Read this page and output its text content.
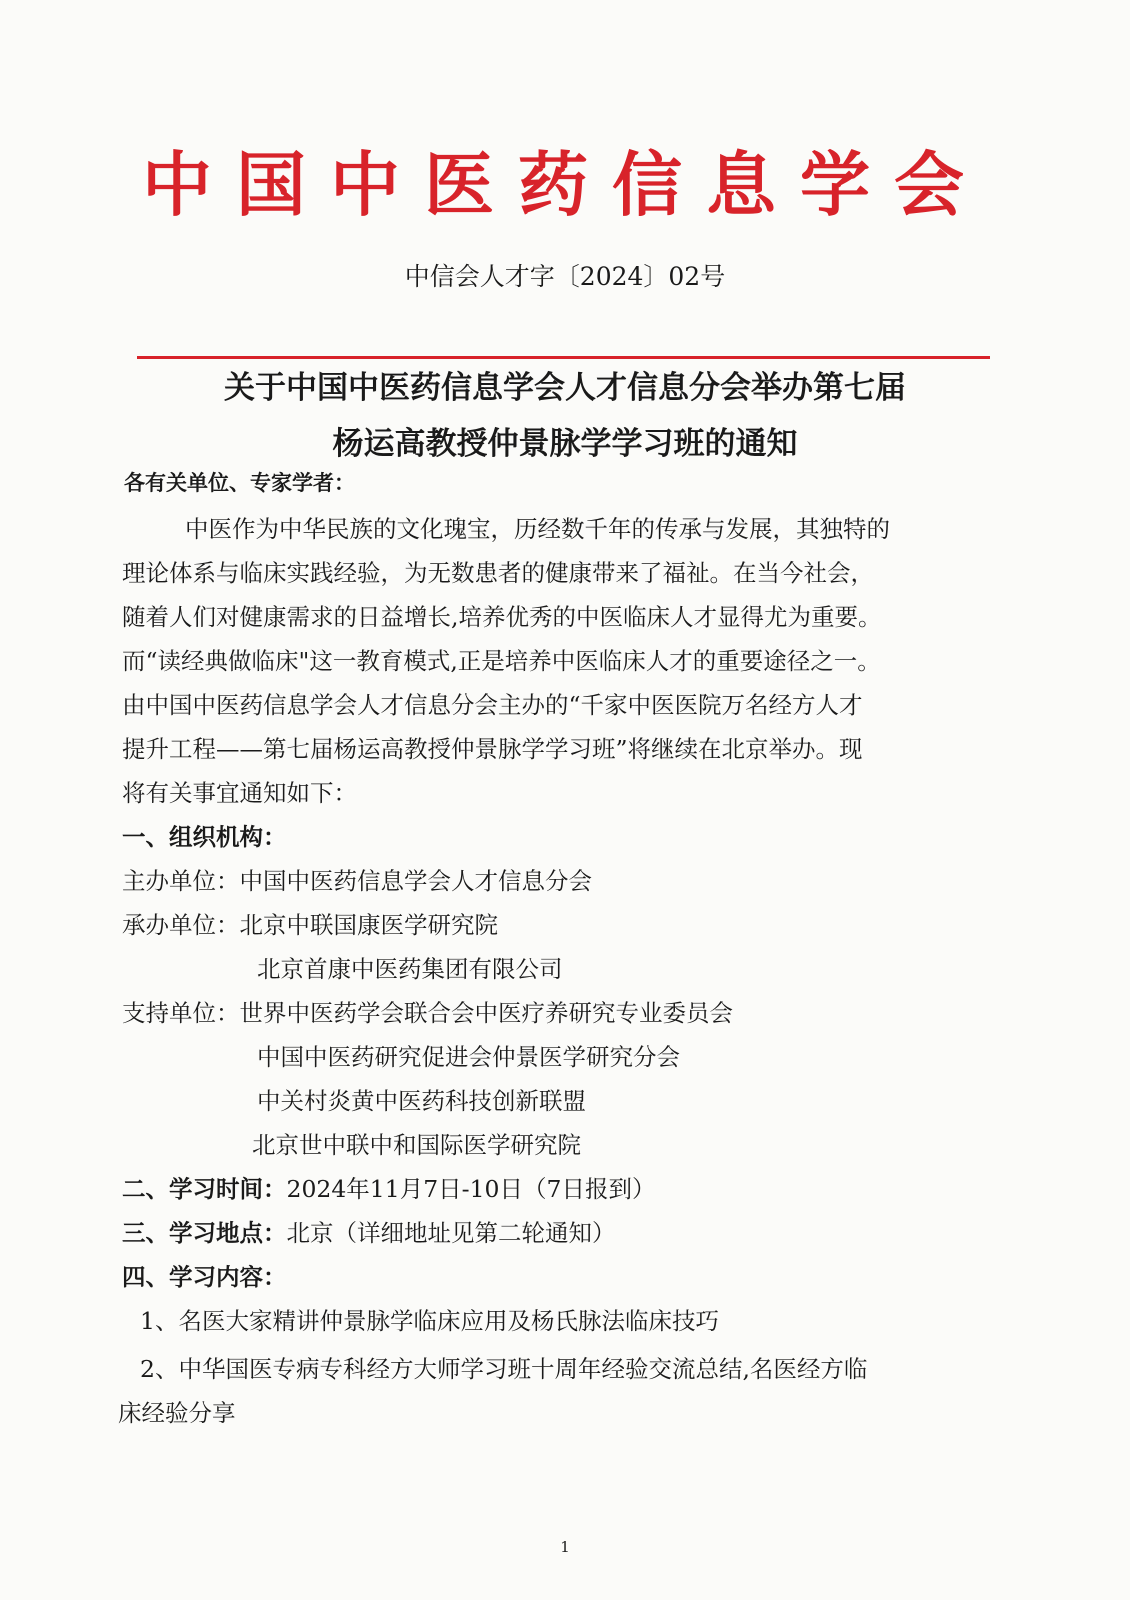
中国中医药信息学会
中信会人才字〔2024〕02号
关于中国中医药信息学会人才信息分会举办第七届
杨运高教授仲景脉学学习班的通知
各有关单位、专家学者：
中医作为中华民族的文化瑰宝，历经数千年的传承与发展，其独特的
理论体系与临床实践经验，为无数患者的健康带来了福祉。在当今社会，
随着人们对健康需求的日益增长,培养优秀的中医临床人才显得尤为重要。
而“读经典做临床"这一教育模式,正是培养中医临床人才的重要途径之一。
由中国中医药信息学会人才信息分会主办的“千家中医医院万名经方人才
提升工程——第七届杨运高教授仲景脉学学习班”将继续在北京举办。现
将有关事宜通知如下：
一、组织机构：
主办单位：中国中医药信息学会人才信息分会
承办单位：北京中联国康医学研究院
北京首康中医药集团有限公司
支持单位：世界中医药学会联合会中医疗养研究专业委员会
中国中医药研究促进会仲景医学研究分会
中关村炎黄中医药科技创新联盟
北京世中联中和国际医学研究院
二、学习时间：2024年11月7日-10日（7日报到）
三、学习地点：北京（详细地址见第二轮通知）
四、学习内容：
1、名医大家精讲仲景脉学临床应用及杨氏脉法临床技巧
2、中华国医专病专科经方大师学习班十周年经验交流总结,名医经方临
床经验分享
1
